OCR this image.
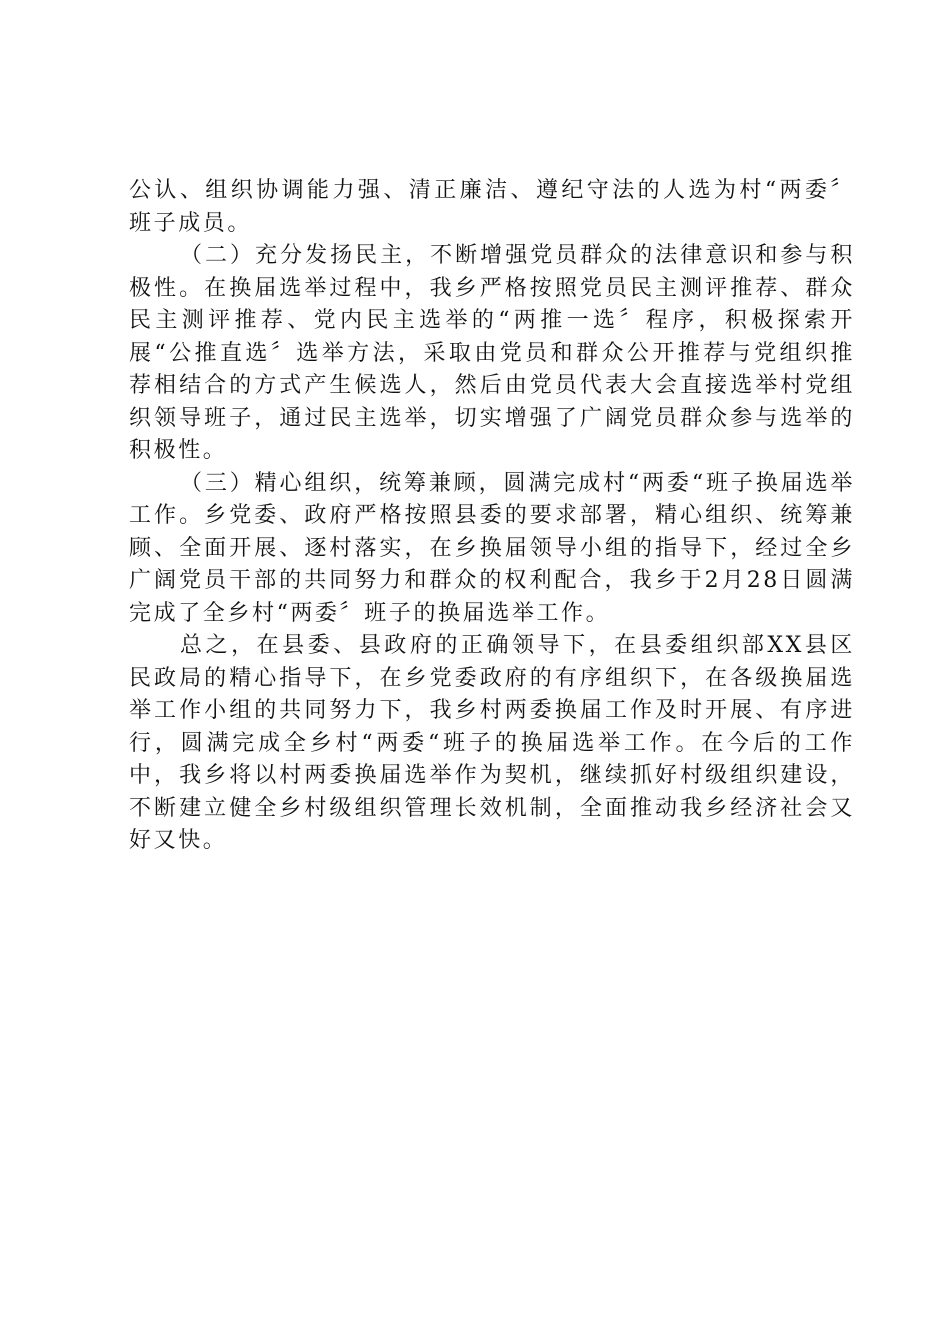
公认、组织协调能力强、清正廉洁、遵纪守法的人选为村“两委〞班子成员。

（二）充分发扬民主，不断增强党员群众的法律意识和参与积极性。在换届选举过程中，我乡严格按照党员民主测评推荐、群众民主测评推荐、党内民主选举的“两推一选〞程序，积极探索开展“公推直选〞选举方法，采取由党员和群众公开推荐与党组织推荐相结合的方式产生候选人，然后由党员代表大会直接选举村党组织领导班子，通过民主选举，切实增强了广阔党员群众参与选举的积极性。

（三）精心组织，统筹兼顾，圆满完成村“两委“班子换届选举工作。乡党委、政府严格按照县委的要求部署，精心组织、统筹兼顾、全面开展、逐村落实，在乡换届领导小组的指导下，经过全乡广阔党员干部的共同努力和群众的权利配合，我乡于2月28日圆满完成了全乡村“两委〞班子的换届选举工作。

总之，在县委、县政府的正确领导下，在县委组织部XX县区民政局的精心指导下，在乡党委政府的有序组织下，在各级换届选举工作小组的共同努力下，我乡村两委换届工作及时开展、有序进行，圆满完成全乡村“两委“班子的换届选举工作。在今后的工作中，我乡将以村两委换届选举作为契机，继续抓好村级组织建设，不断建立健全乡村级组织管理长效机制，全面推动我乡经济社会又好又快。
